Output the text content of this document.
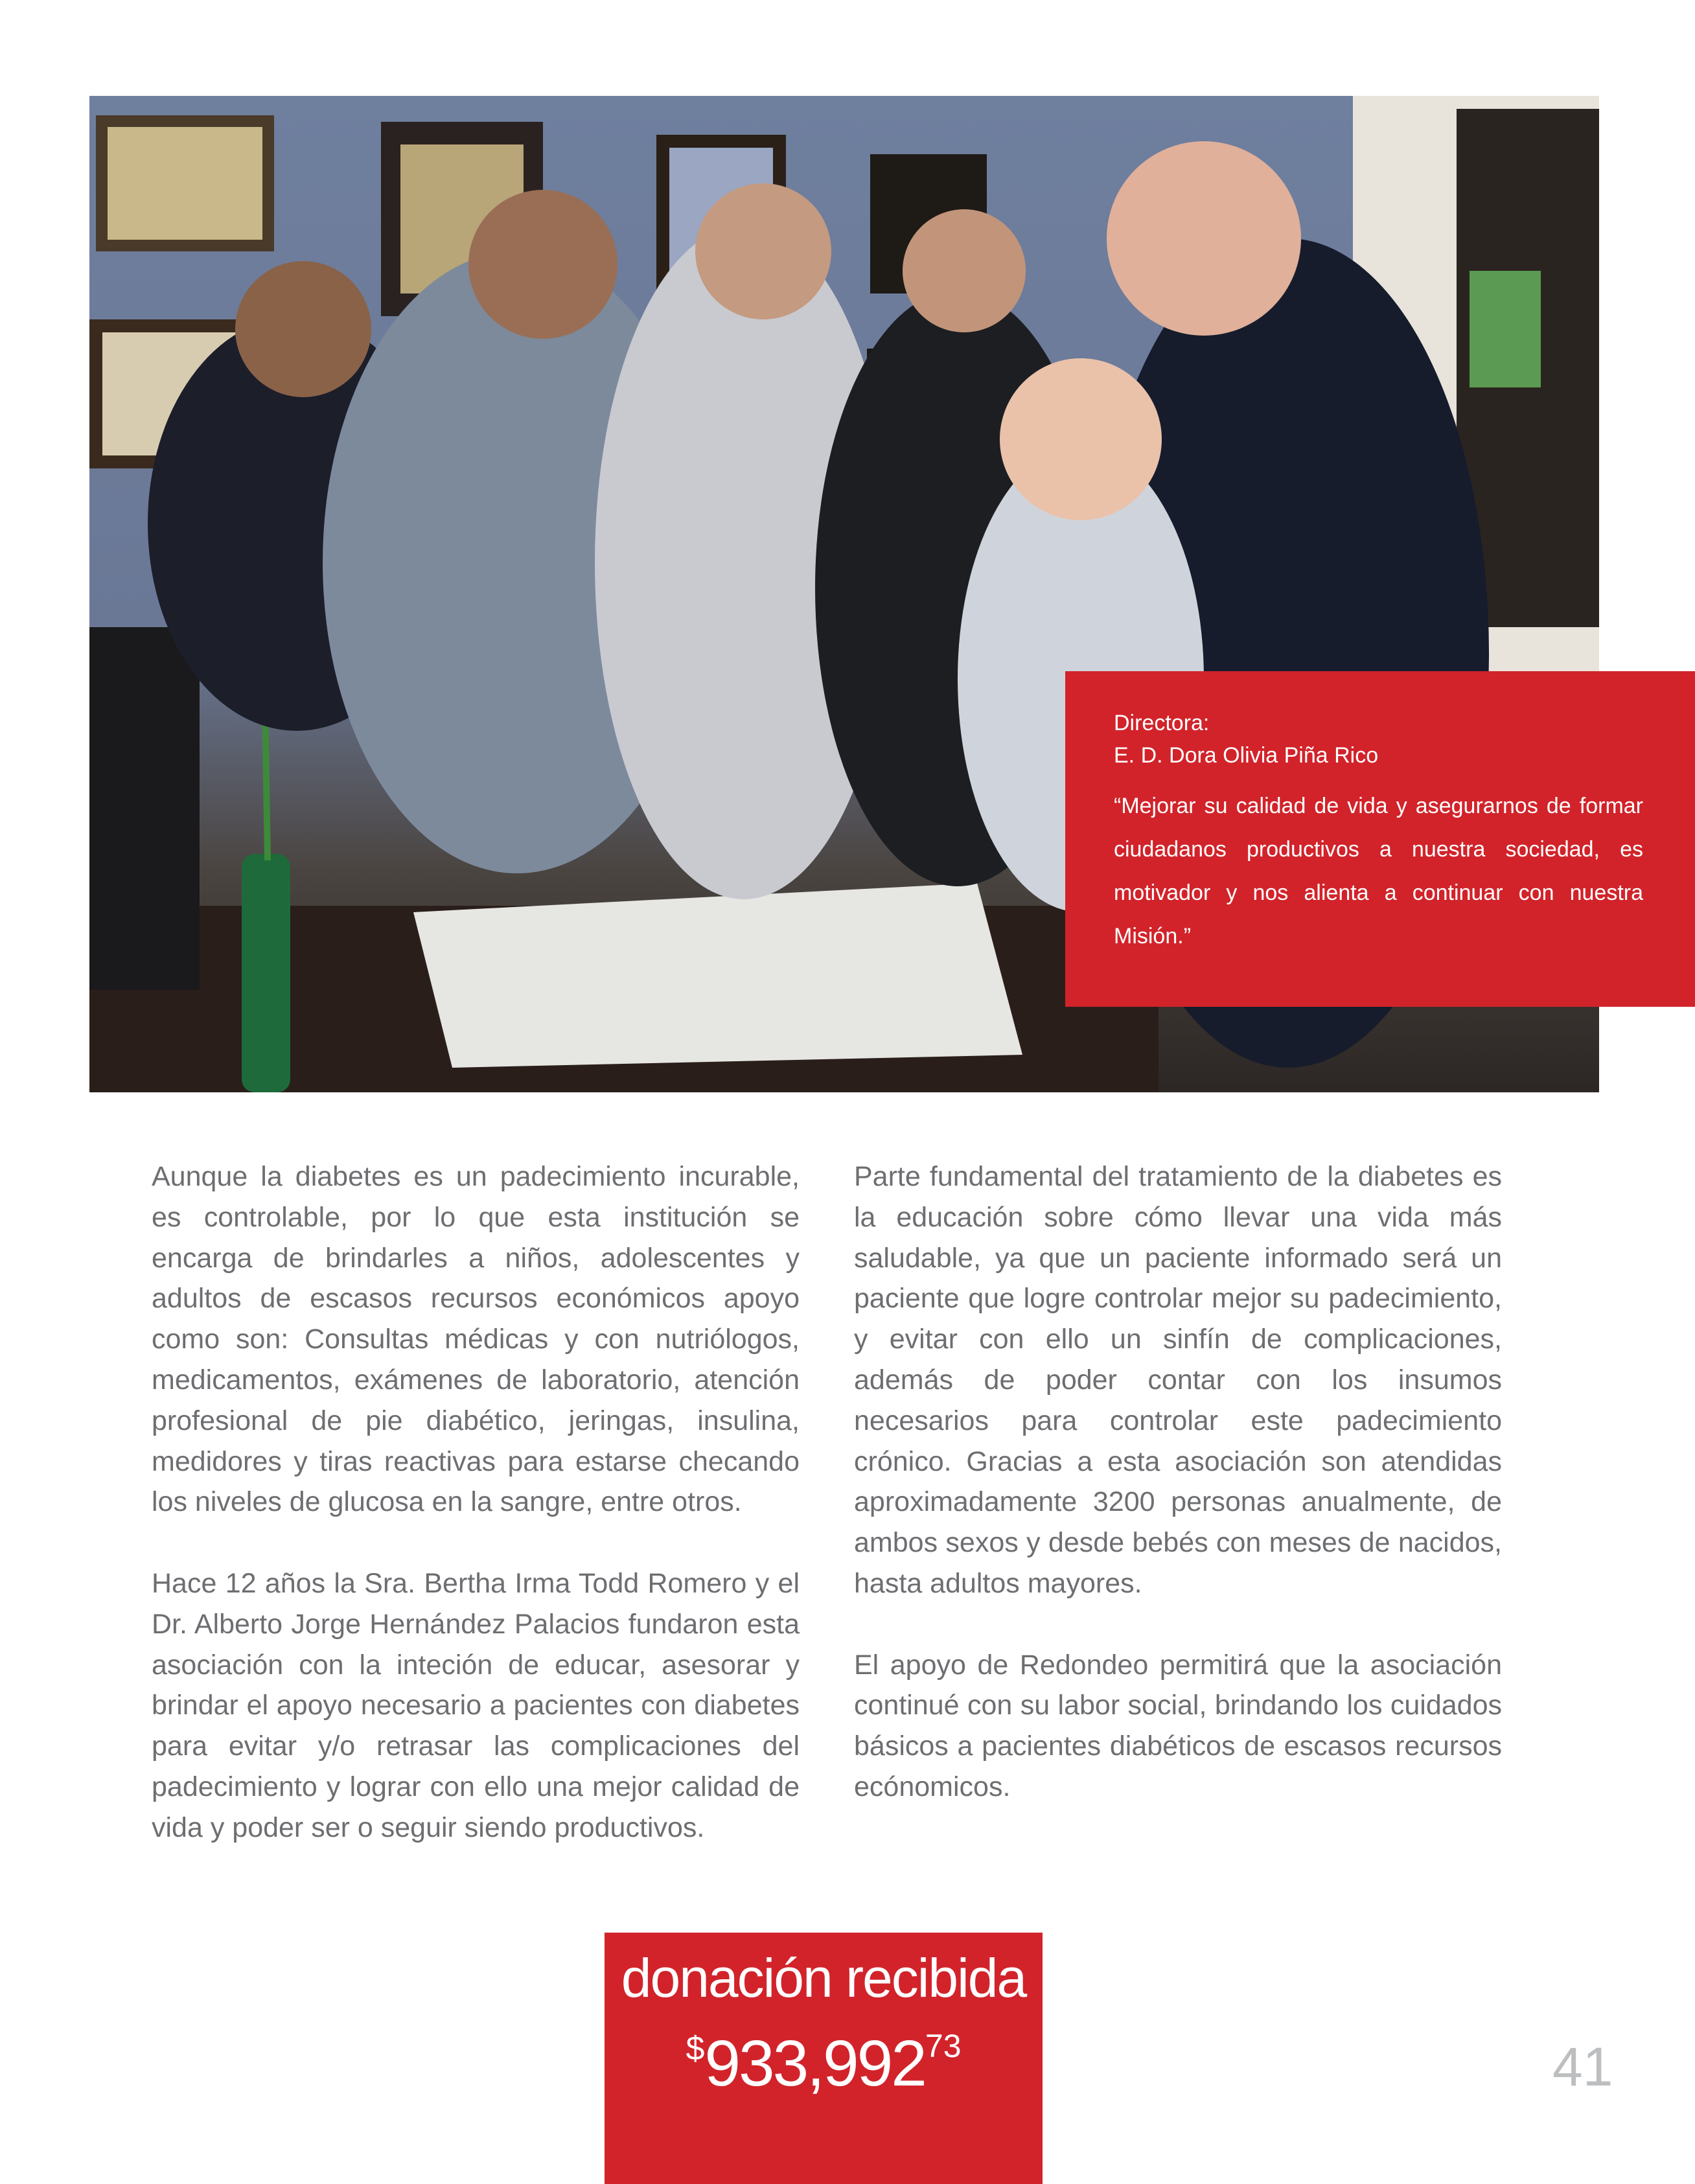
Directora:
E. D. Dora Olivia Piña Rico
“Mejorar su calidad de vida y asegurarnos de formar ciudadanos productivos a nuestra sociedad, es motivador y nos alienta a continuar con nuestra Misión.”

Aunque la diabetes es un padecimiento incurable, es controlable, por lo que esta institución se encarga de brindarles a niños, adolescentes y adultos de escasos recursos económicos apoyo como son: Consultas médicas y con nutriólogos, medicamentos, exámenes de laboratorio, atención profesional de pie diabético, jeringas, insulina, medidores y tiras reactivas para estarse checando los niveles de glucosa en la sangre, entre otros.

Hace 12 años la Sra. Bertha Irma Todd Romero y el Dr. Alberto Jorge Hernández Palacios fundaron esta asociación con la inteción de educar, asesorar y brindar el apoyo necesario a pacientes con diabetes para evitar y/o retrasar las complicaciones del padecimiento y lograr con ello una mejor calidad de vida y poder ser o seguir siendo productivos.

Parte fundamental del tratamiento de la diabetes es la educación sobre cómo llevar una vida más saludable, ya que un paciente informado será un paciente que logre controlar mejor su padecimiento, y evitar con ello un sinfín de complicaciones, además de poder contar con los insumos necesarios para controlar este padecimiento crónico. Gracias a esta asociación son atendidas aproximadamente 3200 personas anualmente, de ambos sexos y desde bebés con meses de nacidos, hasta adultos mayores.

El apoyo de Redondeo permitirá que la asociación continué con su labor social, brindando los cuidados básicos a pacientes diabéticos de escasos recursos ecónomicos.

donación recibida
$933,992$^{73}$	41
